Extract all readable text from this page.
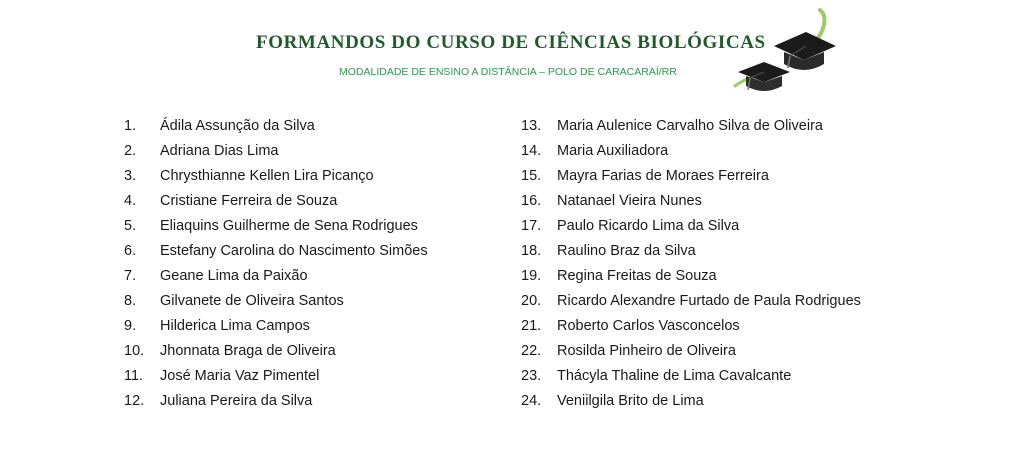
FORMANDOS DO CURSO DE CIÊNCIAS BIOLÓGICAS
MODALIDADE DE ENSINO A DISTÂNCIA – POLO DE CARACARAÍ/RR
1. Ádila Assunção da Silva
2. Adriana Dias Lima
3. Chrysthianne Kellen Lira Picanço
4. Cristiane Ferreira de Souza
5. Eliaquins Guilherme de Sena Rodrigues
6. Estefany Carolina do Nascimento Simões
7. Geane Lima da Paixão
8. Gilvanete de Oliveira Santos
9. Hilderica Lima Campos
10. Jhonnata Braga de Oliveira
11. José Maria Vaz Pimentel
12. Juliana Pereira da Silva
13. Maria Aulenice Carvalho Silva de Oliveira
14. Maria Auxiliadora
15. Mayra Farias de Moraes Ferreira
16. Natanael Vieira Nunes
17. Paulo Ricardo Lima da Silva
18. Raulino Braz da Silva
19. Regina Freitas de Souza
20. Ricardo Alexandre Furtado de Paula Rodrigues
21. Roberto Carlos Vasconcelos
22. Rosilda Pinheiro de Oliveira
23. Thácyla Thaline de Lima Cavalcante
24. Veniilgila Brito de Lima
